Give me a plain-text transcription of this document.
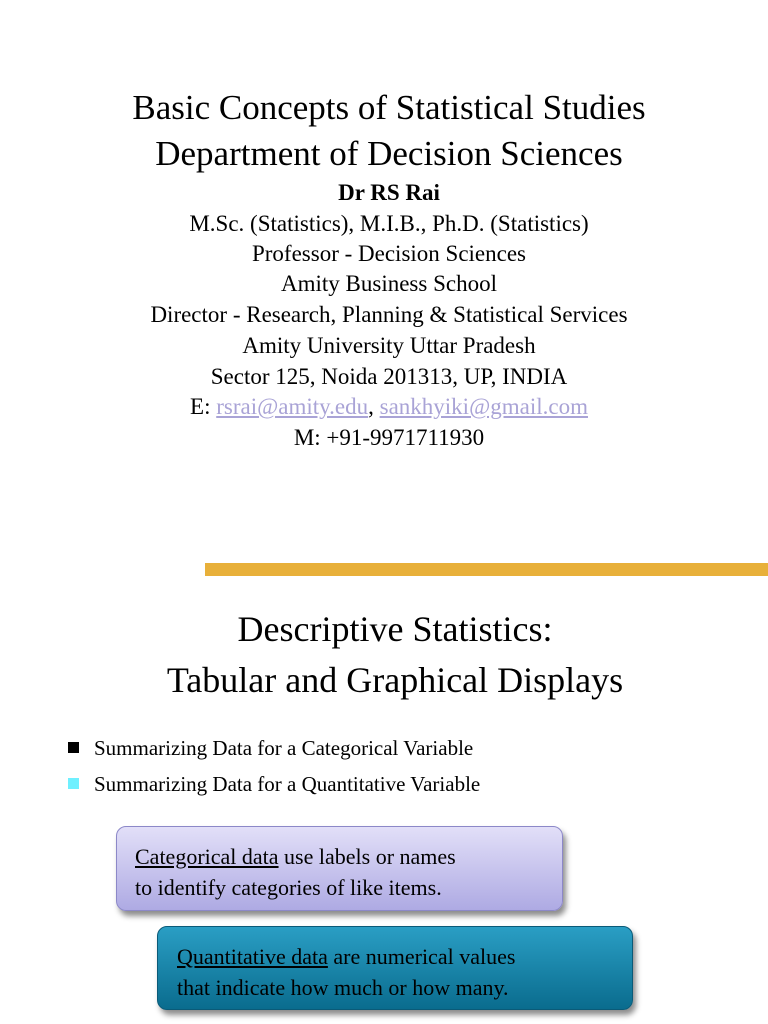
Basic Concepts of Statistical Studies
Department of Decision Sciences
Dr RS Rai
M.Sc. (Statistics), M.I.B., Ph.D. (Statistics)
Professor - Decision Sciences
Amity Business School
Director - Research, Planning & Statistical Services
Amity University Uttar Pradesh
Sector 125, Noida 201313, UP, INDIA
E: rsrai@amity.edu, sankhyiki@gmail.com
M: +91-9971711930
Descriptive Statistics:
Tabular and Graphical Displays
Summarizing Data for a Categorical Variable
Summarizing Data for a Quantitative Variable
Categorical data use labels or names
to identify categories of like items.
Quantitative data are numerical values
that indicate how much or how many.
